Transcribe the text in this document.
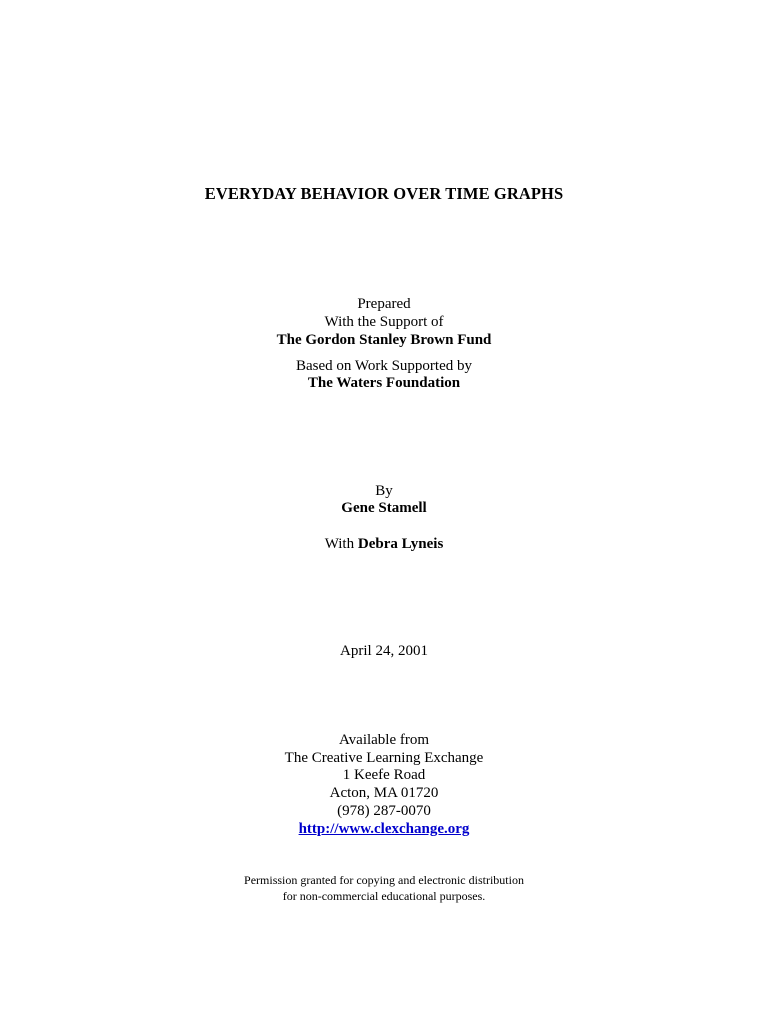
EVERYDAY BEHAVIOR OVER TIME GRAPHS
Prepared
With the Support of
The Gordon Stanley Brown Fund
Based on Work Supported by
The Waters Foundation
By
Gene Stamell
With Debra Lyneis
April 24, 2001
Available from
The Creative Learning Exchange
1 Keefe Road
Acton, MA 01720
(978) 287-0070
http://www.clexchange.org
Permission granted for copying and electronic distribution
for non-commercial educational purposes.
